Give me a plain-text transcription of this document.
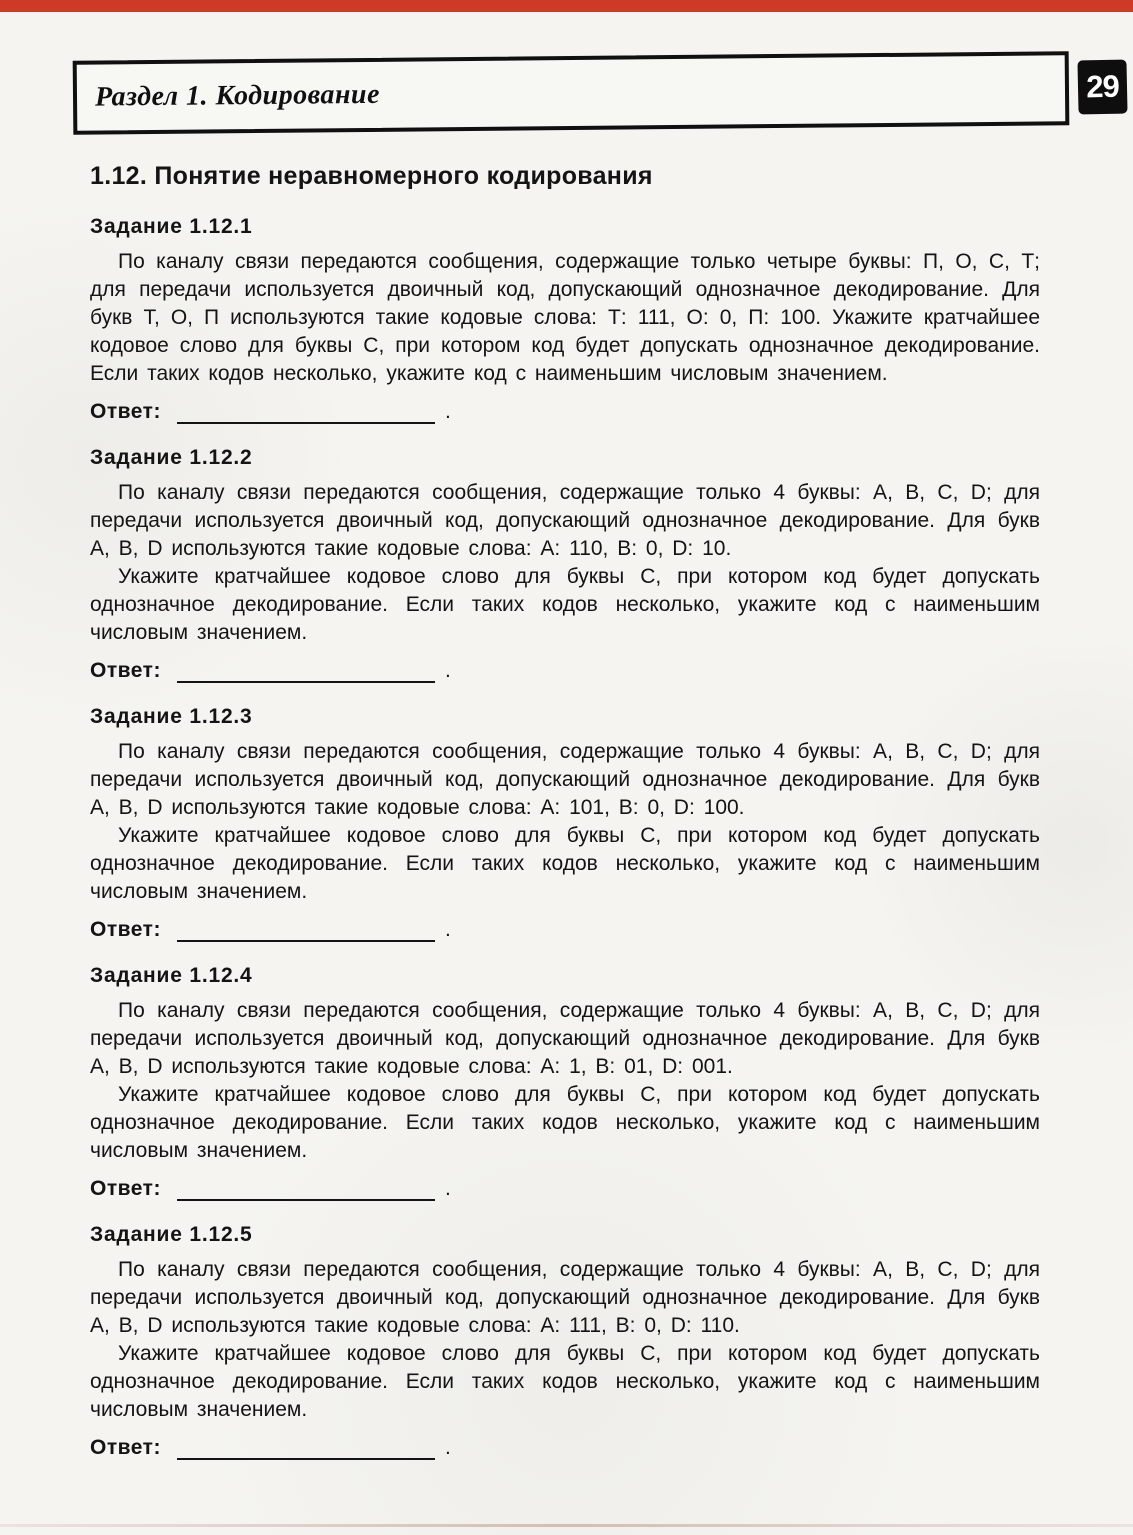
Раздел 1. Кодирование	29
1.12. Понятие неравномерного кодирования
Задание 1.12.1

По каналу связи передаются сообщения, содержащие только четыре буквы: П, О, С, Т; для передачи используется двоичный код, допускающий однозначное декодирование. Для букв Т, О, П используются такие кодовые слова: Т: 111, О: 0, П: 100. Укажите кратчайшее кодовое слово для буквы С, при котором код будет допускать однозначное декодирование. Если таких кодов несколько, укажите код с наименьшим числовым значением.

Ответ:	.
Задание 1.12.2

По каналу связи передаются сообщения, содержащие только 4 буквы: A, B, C, D; для передачи используется двоичный код, допускающий однозначное декодирование. Для букв A, B, D используются такие кодовые слова: A: 110, B: 0, D: 10.

Укажите кратчайшее кодовое слово для буквы C, при котором код будет допускать однозначное декодирование. Если таких кодов несколько, укажите код с наименьшим числовым значением.

Ответ:	.
Задание 1.12.3

По каналу связи передаются сообщения, содержащие только 4 буквы: A, B, C, D; для передачи используется двоичный код, допускающий однозначное декодирование. Для букв A, B, D используются такие кодовые слова: A: 101, B: 0, D: 100.

Укажите кратчайшее кодовое слово для буквы C, при котором код будет допускать однозначное декодирование. Если таких кодов несколько, укажите код с наименьшим числовым значением.

Ответ:	.
Задание 1.12.4

По каналу связи передаются сообщения, содержащие только 4 буквы: A, B, C, D; для передачи используется двоичный код, допускающий однозначное декодирование. Для букв A, B, D используются такие кодовые слова: A: 1, B: 01, D: 001.

Укажите кратчайшее кодовое слово для буквы C, при котором код будет допускать однозначное декодирование. Если таких кодов несколько, укажите код с наименьшим числовым значением.

Ответ:	.
Задание 1.12.5

По каналу связи передаются сообщения, содержащие только 4 буквы: A, B, C, D; для передачи используется двоичный код, допускающий однозначное декодирование. Для букв A, B, D используются такие кодовые слова: A: 111, B: 0, D: 110.

Укажите кратчайшее кодовое слово для буквы C, при котором код будет допускать однозначное декодирование. Если таких кодов несколько, укажите код с наименьшим числовым значением.

Ответ:	.
